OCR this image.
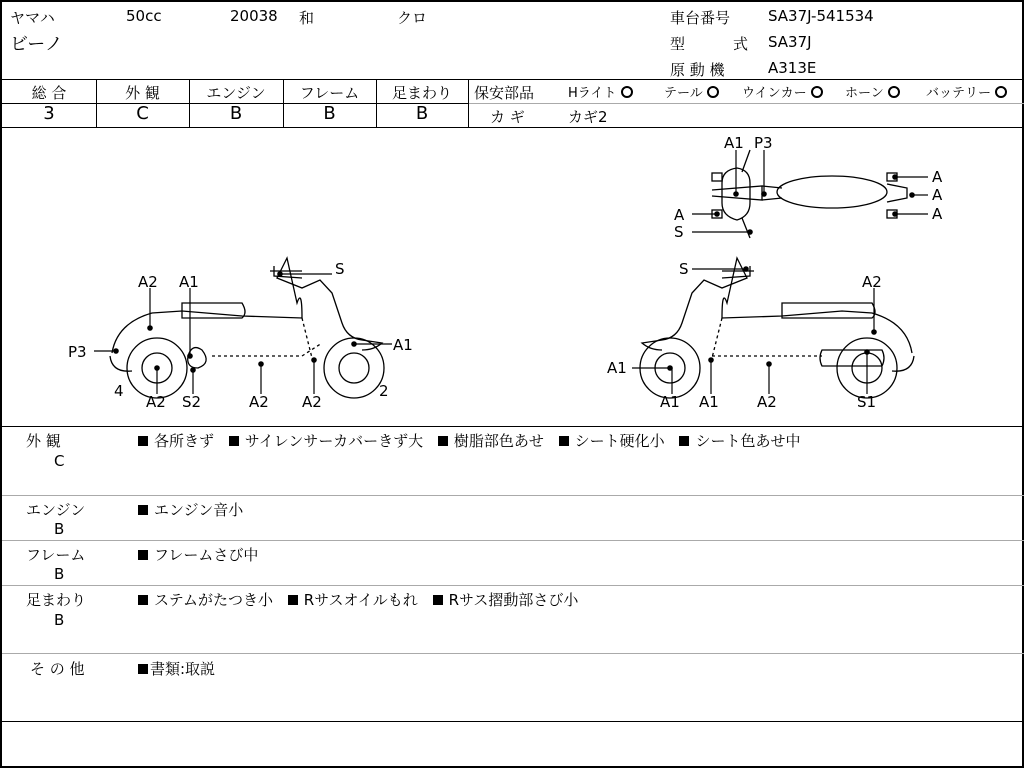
ヤマハ	50cc	20038 和	クロ
ビーノ
車台番号	SA37J-541534
型	式 SA37J
原 動 機	A313E
総 合
3
外 観
C
エンジン
B
フレーム
B
足まわり
B
保安部品	Hライト	テール	ウインカー	ホーン	バッテリー
カ ギ	カギ2
A2 A1
S
P3	A1
4
A2 S2	A2 A2
2
S
A2
A1
A1 A1	A2	S1
A1 P3
A
A
A
A
S
外 観
C
各所きず サイレンサーカバーきず大 樹脂部色あせ シート硬化小 シート色あせ中
エンジン
B
エンジン音小
フレーム
B
フレームさび中
足まわり
B
ステムがたつき小 Rサスオイルもれ Rサス摺動部さび小
そ の 他	書類:取説
